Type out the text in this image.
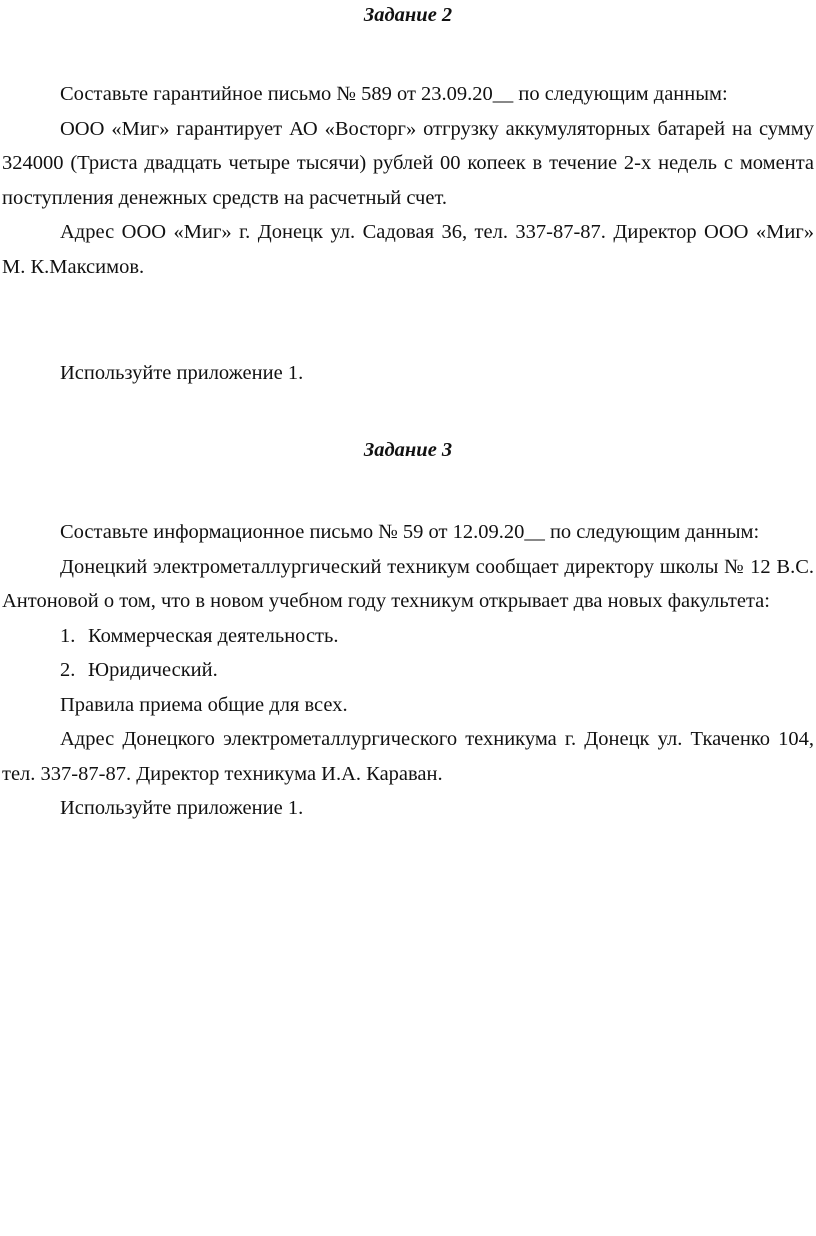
Задание 2

Составьте гарантийное письмо № 589 от 23.09.20__ по следующим данным:

ООО «Миг» гарантирует АО «Восторг» отгрузку аккумуляторных батарей на сумму 324000 (Триста двадцать четыре тысячи) рублей 00 копеек в течение 2-х недель с момента поступления денежных средств на расчетный счет.

Адрес ООО «Миг» г. Донецк ул. Садовая 36, тел. 337-87-87. Директор ООО «Миг» М. К.Максимов.

Используйте приложение 1.

Задание 3

Составьте информационное письмо № 59 от 12.09.20__ по следующим данным:

Донецкий электрометаллургический техникум сообщает директору школы № 12 В.С. Антоновой о том, что в новом учебном году техникум открывает два новых факультета:

1. Коммерческая деятельность.

2. Юридический.

Правила приема общие для всех.

Адрес Донецкого электрометаллургического техникума г. Донецк ул. Ткаченко 104, тел. 337-87-87. Директор техникума И.А. Караван.

Используйте приложение 1.
